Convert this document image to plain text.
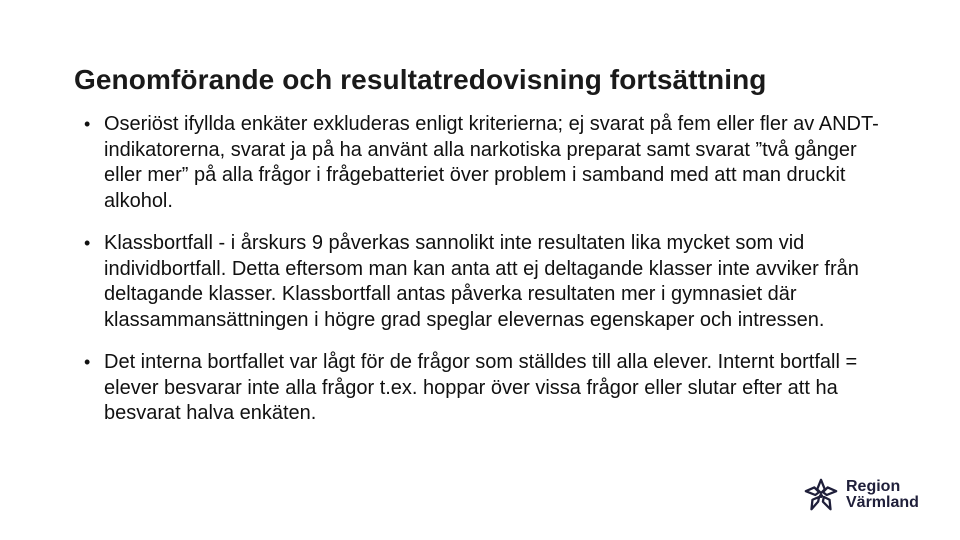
Genomförande och resultatredovisning fortsättning
• Oseriöst ifyllda enkäter exkluderas enligt kriterierna; ej svarat på fem eller fler av ANDT-indikatorerna, svarat ja på ha använt alla narkotiska preparat samt svarat ”två gånger eller mer” på alla frågor i frågebatteriet över problem i samband med att man druckit alkohol.
• Klassbortfall - i årskurs 9 påverkas sannolikt inte resultaten lika mycket som vid individbortfall. Detta eftersom man kan anta att ej deltagande klasser inte avviker från deltagande klasser. Klassbortfall antas påverka resultaten mer i gymnasiet där klassammansättningen i högre grad speglar elevernas egenskaper och intressen.
• Det interna bortfallet var lågt för de frågor som ställdes till alla elever. Internt bortfall = elever besvarar inte alla frågor t.ex. hoppar över vissa frågor eller slutar efter att ha besvarat halva enkäten.
Region
Värmland
